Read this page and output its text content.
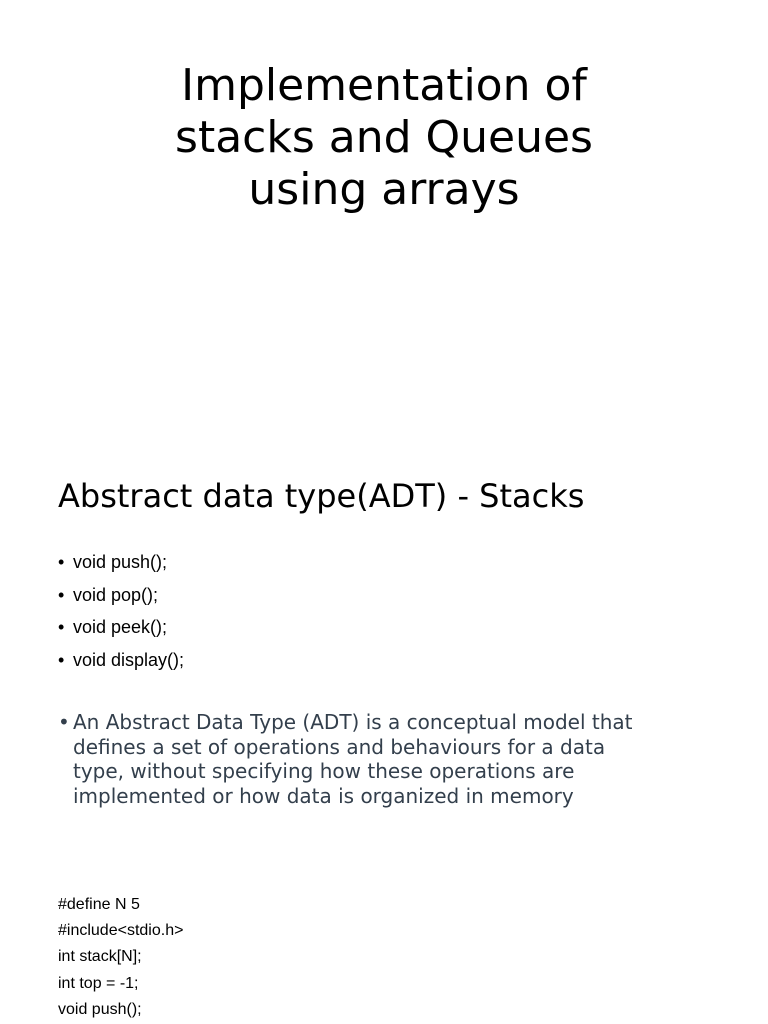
Implementation of
stacks and Queues
using arrays
Abstract data type(ADT) - Stacks
• void push();
• void pop();
• void peek();
• void display();
• An Abstract Data Type (ADT) is a conceptual model that
defines a set of operations and behaviours for a data
type, without specifying how these operations are
implemented or how data is organized in memory
#define N 5
#include<stdio.h>
int stack[N];
int top = -1;
void push();
